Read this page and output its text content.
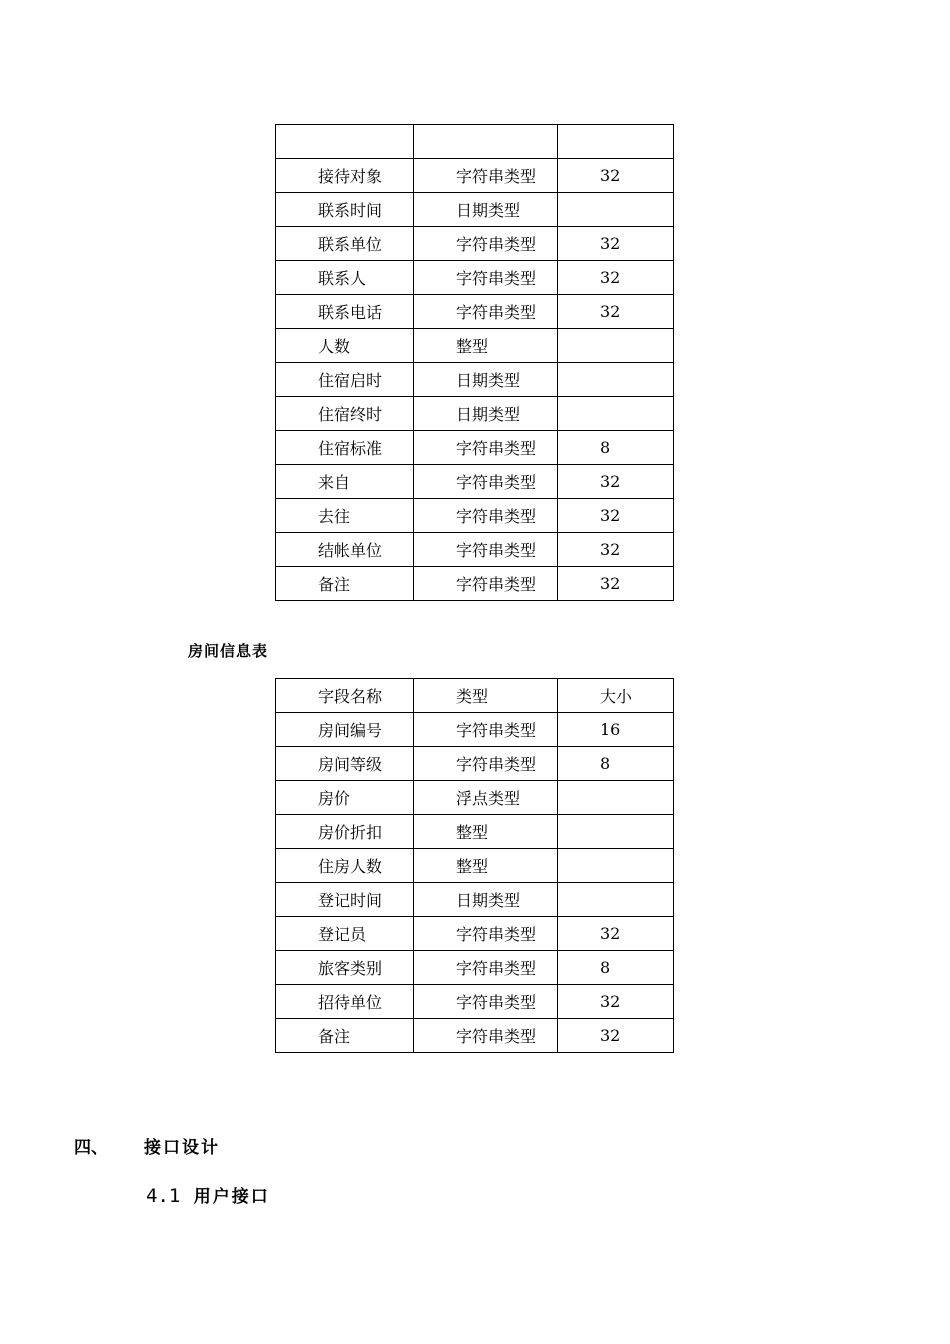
接待对象	字符串类型	32
联系时间	日期类型	
联系单位	字符串类型	32
联系人	字符串类型	32
联系电话	字符串类型	32
人数	整型	
住宿启时	日期类型	
住宿终时	日期类型	
住宿标准	字符串类型	8
来自	字符串类型	32
去往	字符串类型	32
结帐单位	字符串类型	32
备注	字符串类型	32
房间信息表
字段名称	类型	大小
房间编号	字符串类型	16
房间等级	字符串类型	8
房价	浮点类型	
房价折扣	整型	
住房人数	整型	
登记时间	日期类型	
登记员	字符串类型	32
旅客类别	字符串类型	8
招待单位	字符串类型	32
备注	字符串类型	32
四、 接口设计
4.1 用户接口
